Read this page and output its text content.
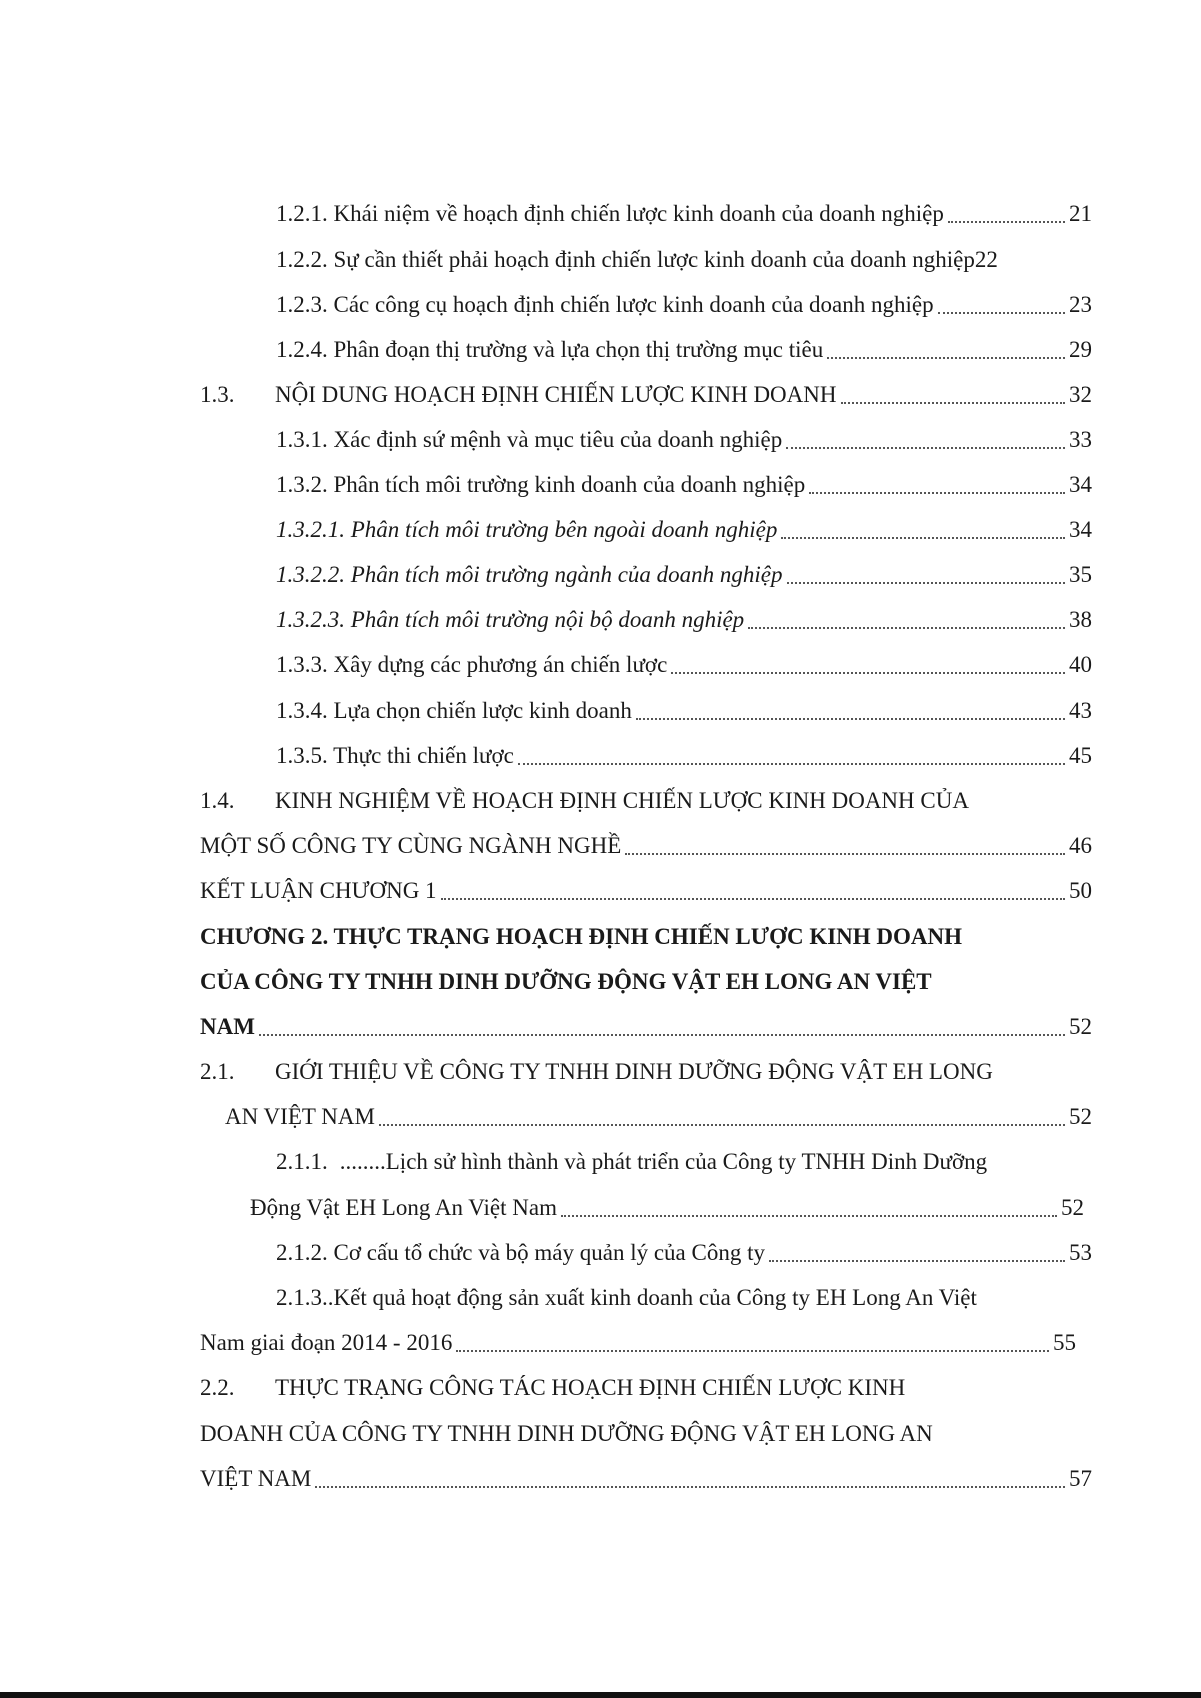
1.2.1. Khái niệm về hoạch định chiến lược kinh doanh của doanh nghiệp	21
1.2.2. Sự cần thiết phải hoạch định chiến lược kinh doanh của doanh nghiệp 22
1.2.3. Các công cụ hoạch định chiến lược kinh doanh của doanh nghiệp	23
1.2.4. Phân đoạn thị trường và lựa chọn thị trường mục tiêu	29
1.3.	NỘI DUNG HOẠCH ĐỊNH CHIẾN LƯỢC KINH DOANH	32
1.3.1. Xác định sứ mệnh và mục tiêu của doanh nghiệp	33
1.3.2. Phân tích môi trường kinh doanh của doanh nghiệp	34
1.3.2.1. Phân tích môi trường bên ngoài doanh nghiệp	34
1.3.2.2. Phân tích môi trường ngành của doanh nghiệp	35
1.3.2.3. Phân tích môi trường nội bộ doanh nghiệp	38
1.3.3. Xây dựng các phương án chiến lược	40
1.3.4. Lựa chọn chiến lược kinh doanh	43
1.3.5. Thực thi chiến lược	45
1.4.	KINH NGHIỆM VỀ HOẠCH ĐỊNH CHIẾN LƯỢC KINH DOANH CỦA
MỘT SỐ CÔNG TY CÙNG NGÀNH NGHỀ	46
KẾT LUẬN CHƯƠNG 1	50
CHƯƠNG 2. THỰC TRẠNG HOẠCH ĐỊNH CHIẾN LƯỢC KINH DOANH
CỦA CÔNG TY TNHH DINH DƯỠNG ĐỘNG VẬT EH LONG AN VIỆT
NAM	52
2.1.	GIỚI THIỆU VỀ CÔNG TY TNHH DINH DƯỠNG ĐỘNG VẬT EH LONG
AN VIỆT NAM	52
2.1.1. ........Lịch sử hình thành và phát triển của Công ty TNHH Dinh Dưỡng
Động Vật EH Long An Việt Nam	52
2.1.2. Cơ cấu tổ chức và bộ máy quản lý của Công ty	53
2.1.3..Kết quả hoạt động sản xuất kinh doanh của Công ty EH Long An Việt
Nam giai đoạn 2014 - 2016	55
2.2.	THỰC TRẠNG CÔNG TÁC HOẠCH ĐỊNH CHIẾN LƯỢC KINH
DOANH CỦA CÔNG TY TNHH DINH DƯỠNG ĐỘNG VẬT EH LONG AN
VIỆT NAM	57
